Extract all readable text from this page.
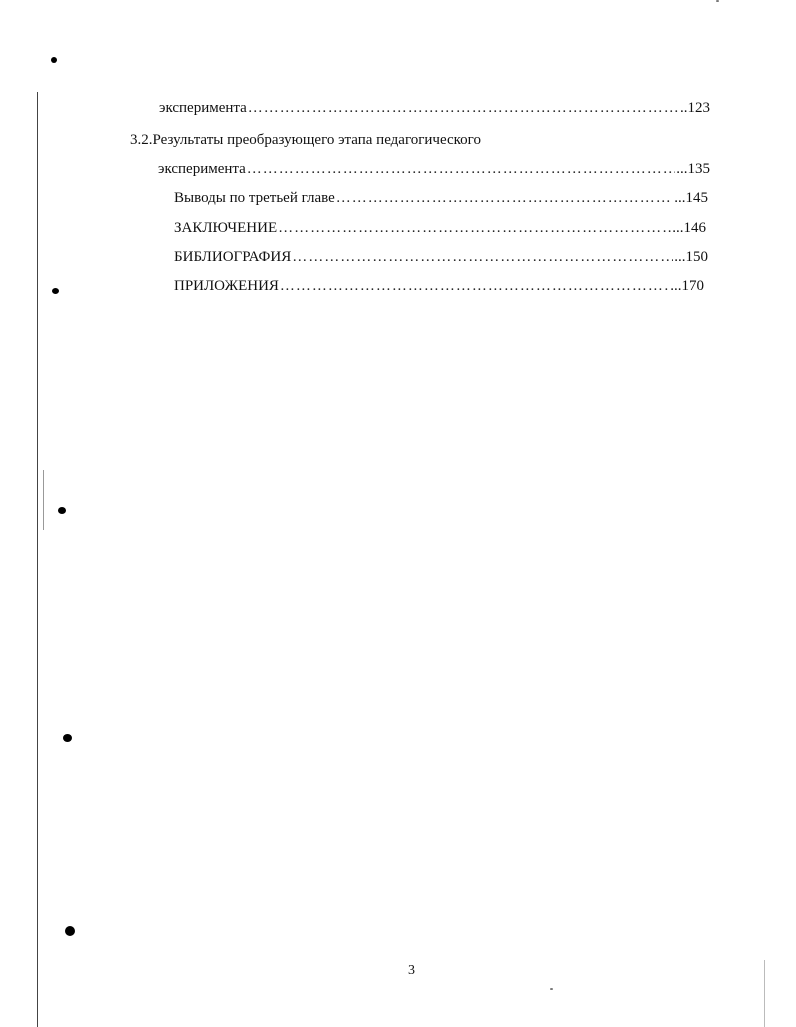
эксперимента ………………………………………………………………………………………………………………………………………………	..123
3.2.Результаты преобразующего этапа педагогического
эксперимента ………………………………………………………………………………………………………………………………………………	...135
Выводы по третьей главе ………………………………………………………………………………………………………………………………………………	...145
ЗАКЛЮЧЕНИЕ ………………………………………………………………………………………………………………………………………………	...146
БИБЛИОГРАФИЯ ………………………………………………………………………………………………………………………………………………	...150
ПРИЛОЖЕНИЯ ………………………………………………………………………………………………………………………………………………	...170
3
